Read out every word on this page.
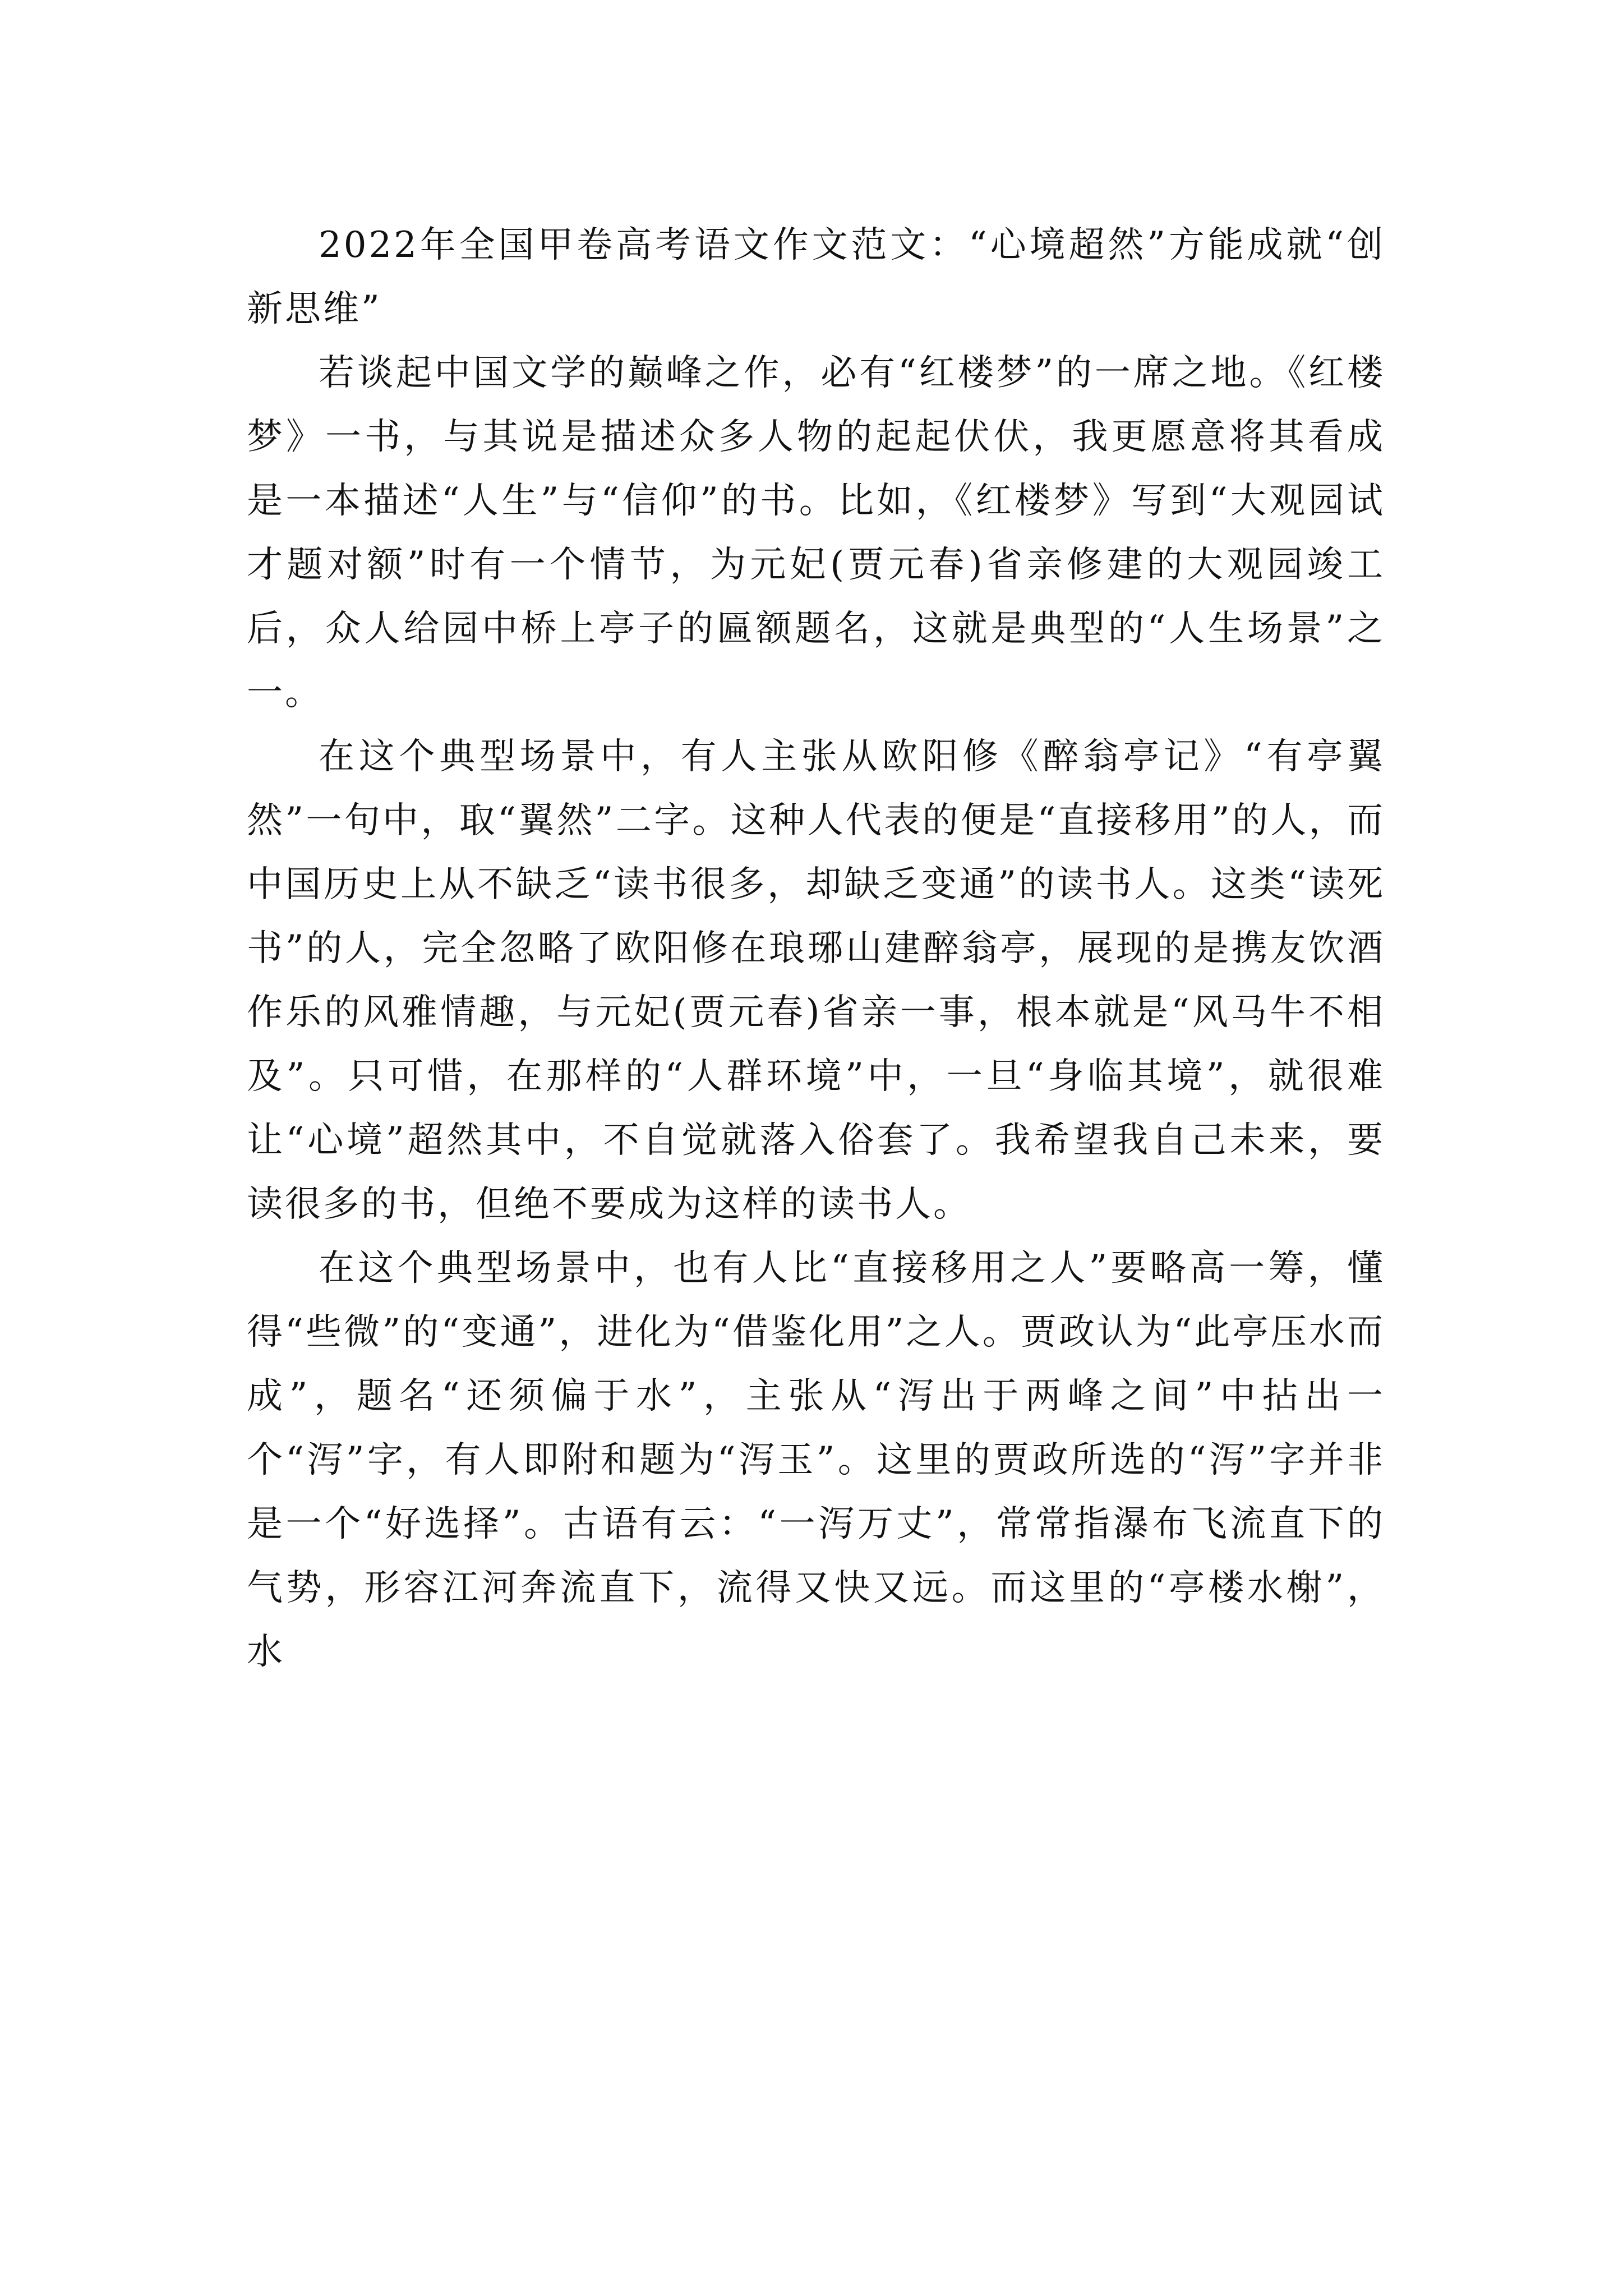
2022年全国甲卷高考语文作文范文：“心境超然”方能成就“创新思维”

若谈起中国文学的巅峰之作，必有“红楼梦”的一席之地。《红楼梦》一书，与其说是描述众多人物的起起伏伏，我更愿意将其看成是一本描述“人生”与“信仰”的书。比如，《红楼梦》写到“大观园试才题对额”时有一个情节，为元妃(贾元春)省亲修建的大观园竣工后，众人给园中桥上亭子的匾额题名，这就是典型的“人生场景”之一。

在这个典型场景中，有人主张从欧阳修《醉翁亭记》“有亭翼然”一句中，取“翼然”二字。这种人代表的便是“直接移用”的人，而中国历史上从不缺乏“读书很多，却缺乏变通”的读书人。这类“读死书”的人，完全忽略了欧阳修在琅琊山建醉翁亭，展现的是携友饮酒作乐的风雅情趣，与元妃(贾元春)省亲一事，根本就是“风马牛不相及”。只可惜，在那样的“人群环境”中，一旦“身临其境”，就很难让“心境”超然其中，不自觉就落入俗套了。我希望我自己未来，要读很多的书，但绝不要成为这样的读书人。

在这个典型场景中，也有人比“直接移用之人”要略高一筹，懂得“些微”的“变通”，进化为“借鉴化用”之人。贾政认为“此亭压水而成”，题名“还须偏于水”，主张从“泻出于两峰之间”中拈出一个“泻”字，有人即附和题为“泻玉”。这里的贾政所选的“泻”字并非是一个“好选择”。古语有云：“一泻万丈”，常常指瀑布飞流直下的气势，形容江河奔流直下，流得又快又远。而这里的“亭楼水榭”，水
